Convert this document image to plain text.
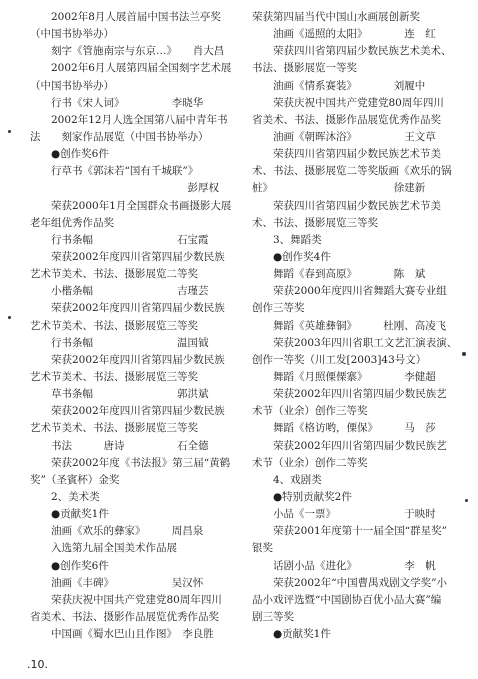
　　2002年8月人展首届中国书法兰亭奖
（中国书协举办）
　　刻字《管施南宗与东京…》　　肖大昌
　　2002年6月人展第四届全国刻字艺术展
（中国书协举办）
　　行书《宋人词》　　　　　李晓华
　　2002年12月人选全国第八届中青年书
法　　刻家作品展览（中国书协举办）
　　●创作奖6件
　　行草书《郭沫若“国有千城联”》
　　　　　　　　　　　　　　　彭厚权
　　荣获2000年1月全国群众书画摄影大展
老年组优秀作品奖
　　行书条幅　　　　　　　　石宝霞
　　荣获2002年度四川省第四届少数民族
艺术节美术、书法、摄影展览二等奖
　　小楷条幅　　　　　　　　吉瑾芸
　　荣获2002年度四川省第四届少数民族
艺术节美术、书法、摄影展览三等奖
　　行书条幅　　　　　　　　温国钺
　　荣获2002年度四川省第四届少数民族
艺术节美术、书法、摄影展览三等奖
　　草书条幅　　　　　　　　郭洪斌
　　荣获2002年度四川省第四届少数民族
艺术节美术、书法、摄影展览三等奖
　　书法　　　唐诗　　　　　石全德
　　荣获2002年度《书法报》第三届“黄鹤
奖”（圣賓杯）金奖
　　2、美术类
　　●贡献奖1件
　　油画《欢乐的彝家》　　　周昌泉
　　入选第九届全国美术作品展
　　●创作奖6件
　　油画《丰碑》　　　　　　吴汉怀
　　荣获庆祝中国共产党建党80周年四川
省美术、书法、摄影作品展览优秀作品奖
　　中国画《蜀水巴山且作图》　李良胜
荣获第四届当代中国山水画展创新奖
　　油画《遥照的太阳》　　　　连　红
　　荣获四川省第四届少数民族艺术美术、
书法、摄影展览一等奖
　　油画《情系赛装》　　　　刘履中
　　荣获庆祝中国共产党建党80周年四川
省美术、书法、摄影作品展览优秀作品奖
　　油画《朝晖沐浴》　　　　　王文草
　　荣获四川省第四届少数民族艺术节美
术、书法、摄影展览二等奖版画《欢乐的锅
桩》　　　　　　　　　　　　徐建新
　　荣获四川省第四届少数民族艺术节美
术、书法、摄影展览三等奖
　　3、舞蹈类
　　●创作奖4件
　　舞蹈《春到高原》　　　　陈　斌
　　荣获2000年度四川省舞蹈大赛专业组
创作三等奖
　　舞蹈《英雄彝铜》　　　杜刚、高凌飞
　　荣获2003年四川省职工文艺汇演表演、
创作一等奖（川工发[2003]43号文）
　　舞蹈《月照傈傈寨》　　　　李健超
　　荣获2002年四川省第四届少数民族艺
术节（业余）创作三等奖
　　舞蹈《格访哟，傈保》　　　马　莎
　　荣获2002年四川省第四届少数民族艺
术节（业余）创作二等奖
　　4、戏剧类
　　●特别贡献奖2件
　　小品《一票》　　　　　　　于映时
　　荣获2001年度第十一届全国“群星奖”
银奖
　　话剧小品《进化》　　　　　李　帆
　　荣获2002年“中国曹禺戏剧文学奖”小
品小戏评选暨“中国剧协百优小品大赛”编
剧三等奖
　　●贡献奖1件
.10.
